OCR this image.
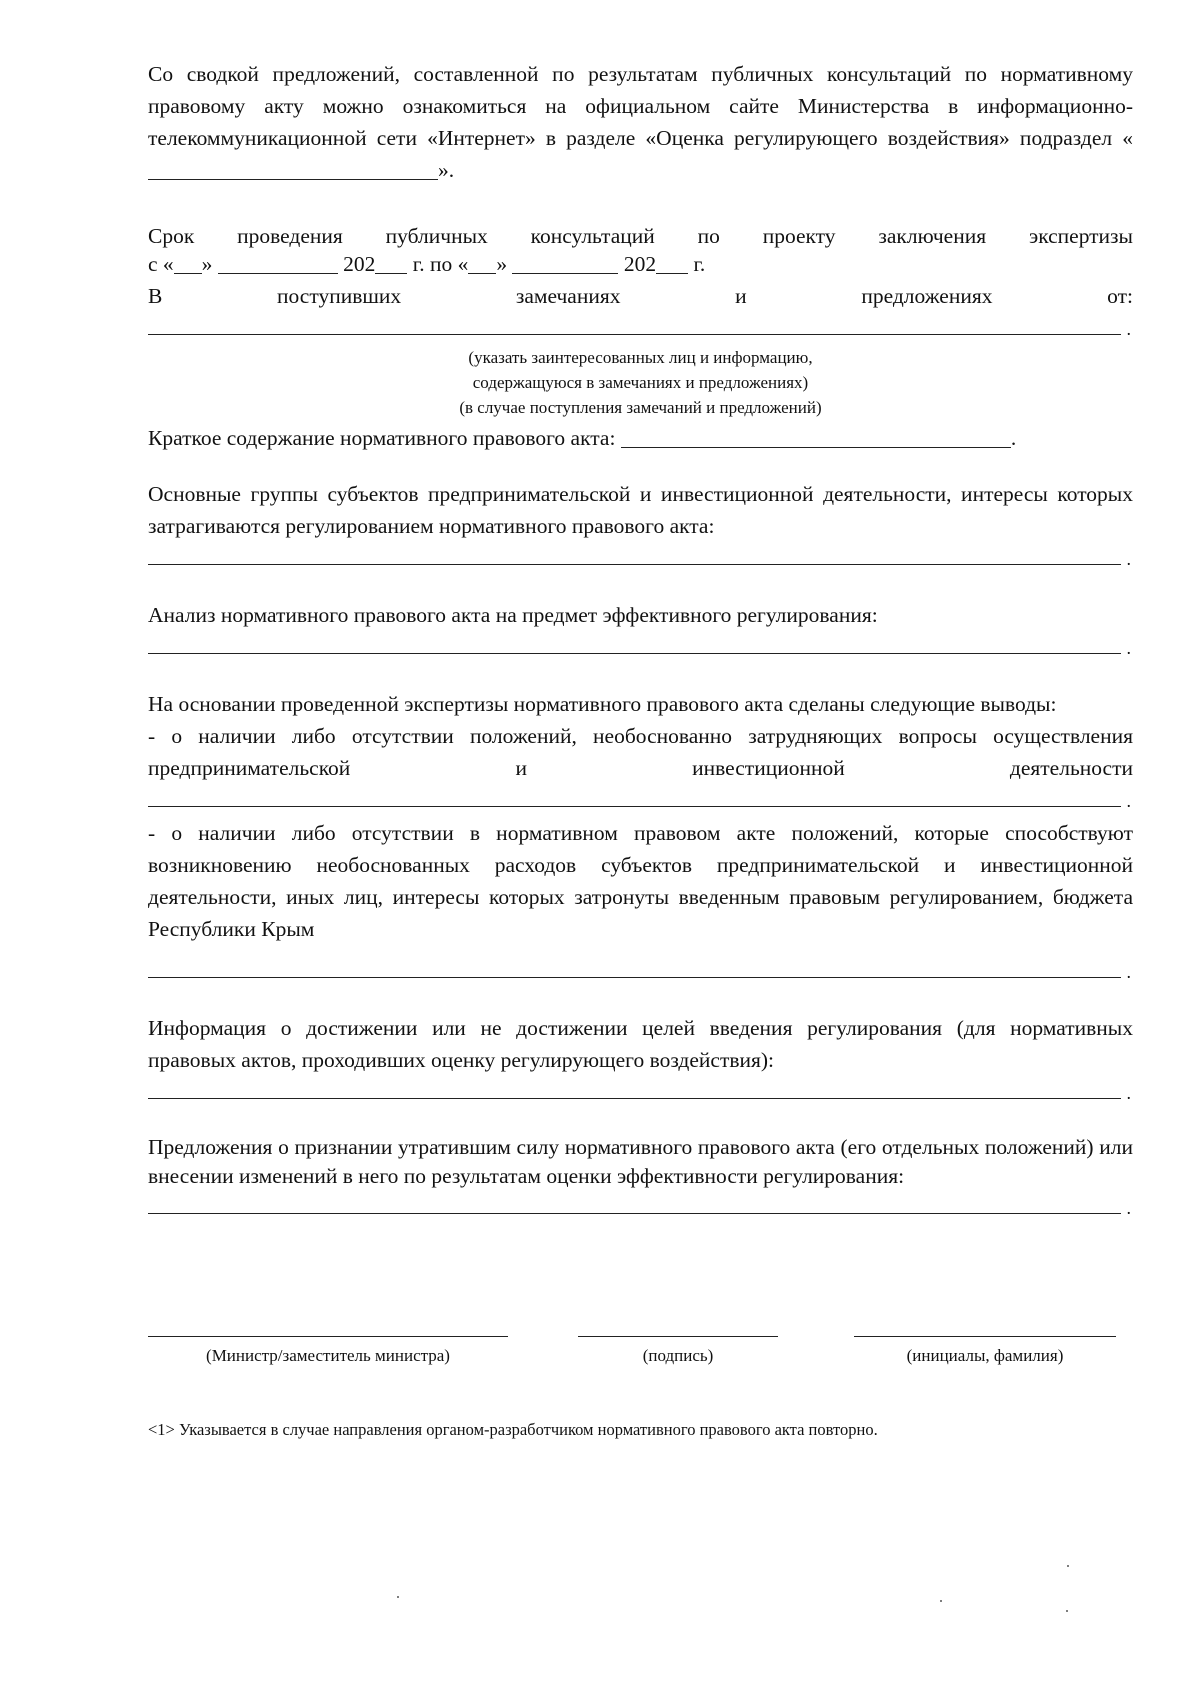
Со сводкой предложений, составленной по результатам публичных консультаций по нормативному правовому акту можно ознакомиться на официальном сайте Министерства в информационно-телекоммуникационной сети «Интернет» в разделе «Оценка регулирующего воздействия» подраздел «».

Срок проведения публичных консультаций по проекту заключения экспертизы

с « »	202 г. по « »	202 г.

В поступивших замечаниях и предложениях от:

.

(указать заинтересованных лиц и информацию,

содержащуюся в замечаниях и предложениях)

(в случае поступления замечаний и предложений)

Краткое содержание нормативного правового акта:	.

Основные группы субъектов предпринимательской и инвестиционной деятельности, интересы которых затрагиваются регулированием нормативного правового акта:

.

Анализ нормативного правового акта на предмет эффективного регулирования:

.

На основании проведенной экспертизы нормативного правового акта сделаны следующие выводы:

- о наличии либо отсутствии положений, необоснованно затрудняющих вопросы осуществления предпринимательской и инвестиционной деятельности

.

- о наличии либо отсутствии в нормативном правовом акте положений, которые способствуют возникновению необоснованных расходов субъектов предпринимательской и инвестиционной деятельности, иных лиц, интересы которых затронуты введенным правовым регулированием, бюджета Республики Крым

.

Информация о достижении или не достижении целей введения регулирования (для нормативных правовых актов, проходивших оценку регулирующего воздействия):

.

Предложения о признании утратившим силу нормативного правового акта (его отдельных положений) или внесении изменений в него по результатам оценки эффективности регулирования:

.
(Министр/заместитель министра)	(подпись)	(инициалы, фамилия)

<1> Указывается в случае направления органом-разработчиком нормативного правового акта повторно.
